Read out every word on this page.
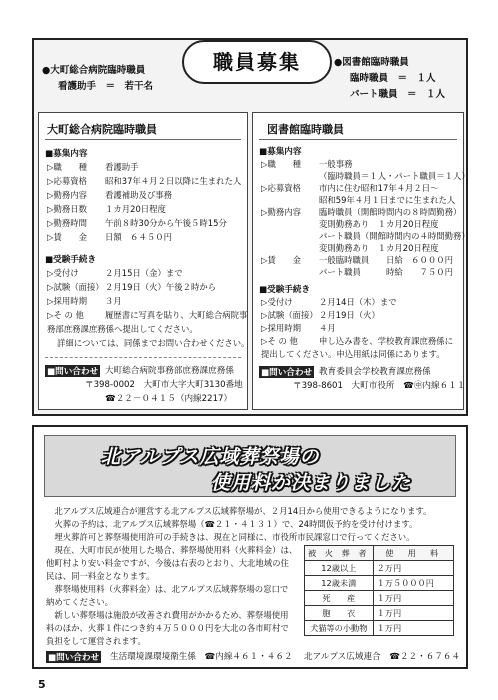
職員募集
●大町総合病院臨時職員
看護助手　＝　若干名
●図書館臨時職員
臨時職員　＝　１人
パート職員　＝　１人
大町総合病院臨時職員
■募集内容
▷職　　種 看護助手
▷応募資格 昭和37年４月２日以降に生まれた人
▷勤務内容 看護補助及び事務
▷勤務日数 １カ月20日程度
▷勤務時間 午前８時30分から午後５時15分
▷賃　　金 日額　６４５０円
■受験手続き
▷受付け	２月15日（金）まで
▷試験（面接）２月19日（火）午後２時から
▷採用時期 ３月
▷そ の 他	履歴書に写真を貼り、大町総合病院事
務部庶務課庶務係へ提出してください。
詳細については、同係までお問い合わせください。
■問い合わせ 大町総合病院事務部庶務課庶務係
〒398-0002　大町市大字大町3130番地
☎２２－０４１５（内線2217）
図書館臨時職員
■募集内容
▷職　　種 一般事務
（臨時職員＝１人・パート職員＝１人）
▷応募資格 市内に住む昭和17年４月２日～
昭和59年４月１日までに生まれた人
▷勤務内容 臨時職員（開館時間内の８時間勤務）
変則勤務あり　１カ月20日程度
パート職員（開館時間内の４時間勤務）
変則勤務あり　１カ月20日程度
▷賃　　金 一般臨時職員　　日給　６０００円
パート職員　　　時給　　７５０円
■受験手続き
▷受付け	２月14日（木）まで
▷試験（面接）２月19日（火）
▷採用時期 ４月
▷そ の 他	申し込み書を、学校教育課庶務係に
提出してください。申込用紙は同係にあります。
■問い合わせ 教育委員会学校教育課庶務係
〒398-8601　大町市役所　☎㊥内線６１１
北アルプス広域葬祭場の
使用料が決まりました
　北アルプス広域連合が運営する北アルプス広域葬祭場が、２月14日から使用できるようになります。
　火葬の予約は、北アルプス広域葬祭場（☎２１・４１３１）で、24時間仮予約を受け付けます。
　埋火葬許可と葬祭場使用許可の手続きは、現在と同様に、市役所市民課窓口で行ってください。
　現在、大町市民が使用した場合、葬祭場使用料（火葬料金）は、
他町村より安い料金ですが、今後は右表のとおり、大北地域の住
民は、同一料金となります。
　葬祭場使用料（火葬料金）は、北アルプス広域葬祭場の窓口で
納めてください。
　新しい葬祭場は施設が改善され費用がかかるため、葬祭場使用
料のほか、火葬１件につき約４万５０００円を大北の各市町村で
負担をして運営されます。
被 火 葬 者	使　用　料
12歳以上	２万円
12歳未満	１万５０００円
死　　産	１万円
胞　　衣	１万円
犬猫等の小動物	１万円
■問い合わせ 生活環境課環境衛生係　☎内線４６１・４６２ 北アルプス広域連合　☎２２・６７６４
5
